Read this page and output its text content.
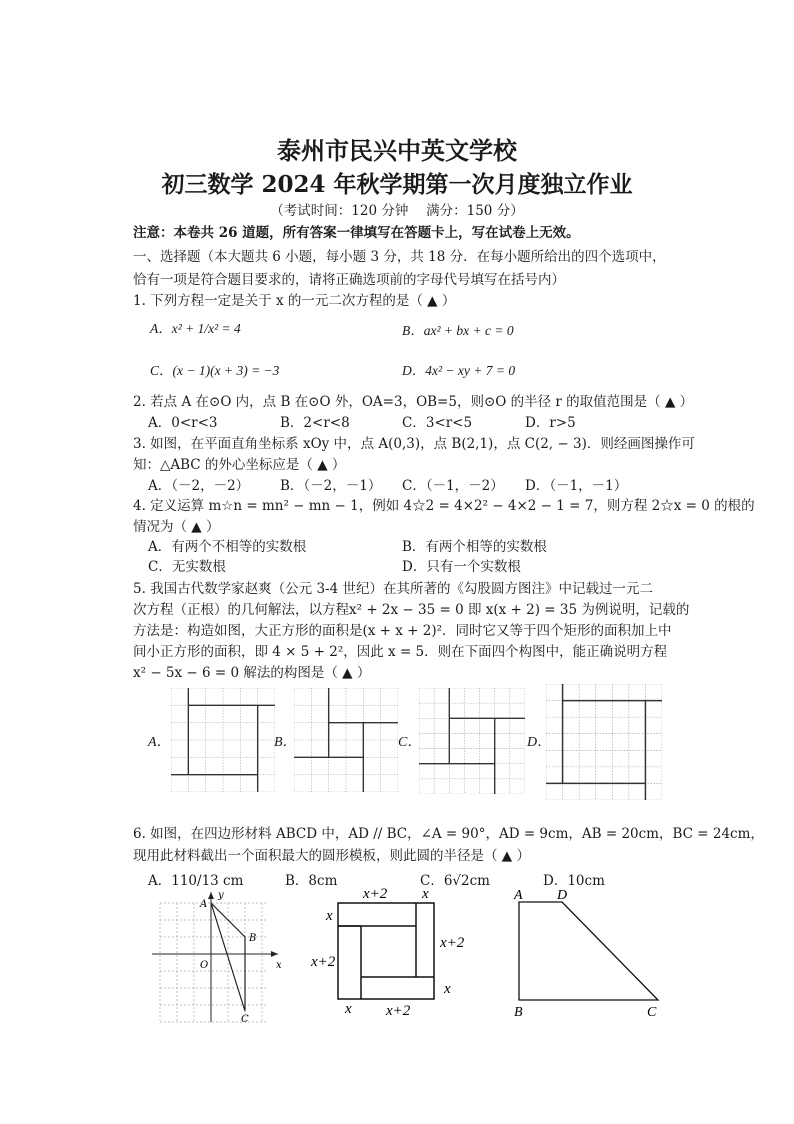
泰州市民兴中英文学校
初三数学 2024 年秋学期第一次月度独立作业
（考试时间：120 分钟　 满分：150 分）
注意：本卷共 26 道题，所有答案一律填写在答题卡上，写在试卷上无效。
一、选择题（本大题共 6 小题，每小题 3 分，共 18 分．在每小题所给出的四个选项中，
恰有一项是符合题目要求的，请将正确选项前的字母代号填写在括号内）
1. 下列方程一定是关于 x 的一元二次方程的是（ ▲ ）
A．x² + 1/x² = 4	B．ax² + bx + c = 0
C．(x − 1)(x + 3) = −3	D．4x² − xy + 7 = 0
2. 若点 A 在⊙O 内，点 B 在⊙O 外，OA=3，OB=5，则⊙O 的半径 r 的取值范围是（ ▲ ）
A．0<r<3	B．2<r<8	C．3<r<5	D．r>5
3. 如图，在平面直角坐标系 xOy 中，点 A(0,3)，点 B(2,1)，点 C(2, − 3)．则经画图操作可
知：△ABC 的外心坐标应是（ ▲ ）
A．（－2，－2） B．（－2，－1） C．（－1，－2） D．（－1，－1）
4. 定义运算 m☆n = mn² − mn − 1，例如 4☆2 = 4×2² − 4×2 − 1 = 7，则方程 2☆x = 0 的根的
情况为（ ▲ ）
A．有两个不相等的实数根	B．有两个相等的实数根
C．无实数根	D．只有一个实数根
5. 我国古代数学家赵爽（公元 3-4 世纪）在其所著的《勾股圆方图注》中记载过一元二
次方程（正根）的几何解法，以方程x² + 2x − 35 = 0 即 x(x + 2) = 35 为例说明，记载的
方法是：构造如图，大正方形的面积是(x + x + 2)²．同时它又等于四个矩形的面积加上中
间小正方形的面积，即 4 × 5 + 2²，因此 x = 5．则在下面四个构图中，能正确说明方程
x² − 5x − 6 = 0 解法的构图是（ ▲ ）
A．	B．	C．	D．
6. 如图，在四边形材料 ABCD 中，AD // BC，∠A = 90°，AD = 9cm，AB = 20cm，BC = 24cm，
现用此材料截出一个面积最大的圆形模板，则此圆的半径是（ ▲ ）
A．110/13 cm	B．8cm	C．6√2cm	D．10cm
A
B
C
O	x
y	x+2 x
x
x+2
x+2
x
x x+2
A D
B	C
